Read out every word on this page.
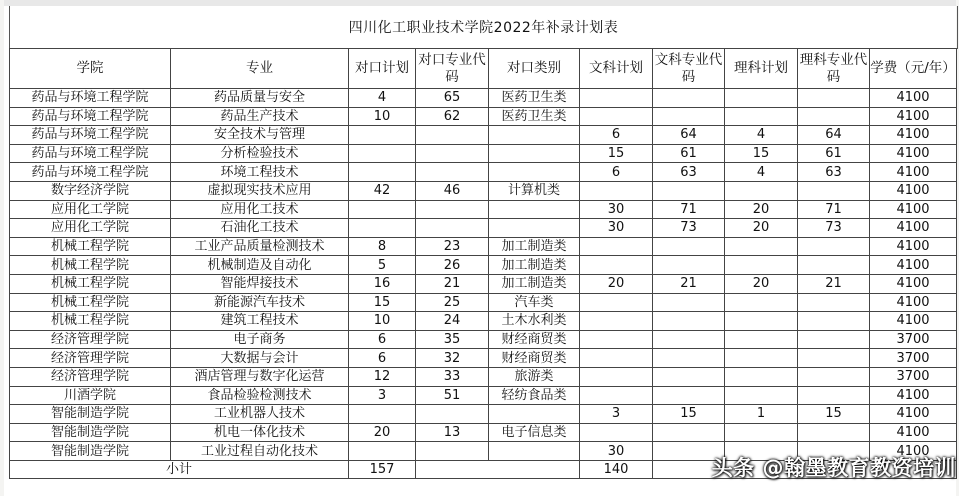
四川化工职业技术学院2022年补录计划表
学院	专业	对口计划	对口专业代码	对口类别	文科计划	文科专业代码	理科计划	理科专业代码	学费（元/年）
药品与环境工程学院	药品质量与安全	4	65	医药卫生类					4100
药品与环境工程学院	药品生产技术	10	62	医药卫生类					4100
药品与环境工程学院	安全技术与管理				6	64	4	64	4100
药品与环境工程学院	分析检验技术				15	61	15	61	4100
药品与环境工程学院	环境工程技术				6	63	4	63	4100
数字经济学院	虚拟现实技术应用	42	46	计算机类					4100
应用化工学院	应用化工技术				30	71	20	71	4100
应用化工学院	石油化工技术				30	73	20	73	4100
机械工程学院	工业产品质量检测技术	8	23	加工制造类					4100
机械工程学院	机械制造及自动化	5	26	加工制造类					4100
机械工程学院	智能焊接技术	16	21	加工制造类	20	21	20	21	4100
机械工程学院	新能源汽车技术	15	25	汽车类					4100
机械工程学院	建筑工程技术	10	24	土木水利类					4100
经济管理学院	电子商务	6	35	财经商贸类					3700
经济管理学院	大数据与会计	6	32	财经商贸类					3700
经济管理学院	酒店管理与数字化运营	12	33	旅游类					3700
川酒学院	食品检验检测技术	3	51	轻纺食品类					4100
智能制造学院	工业机器人技术				3	15	1	15	4100
智能制造学院	机电一体化技术	20	13	电子信息类					4100
智能制造学院	工业过程自动化技术				30				4100
小计		157			140					头条 @翰墨教育教资培训
